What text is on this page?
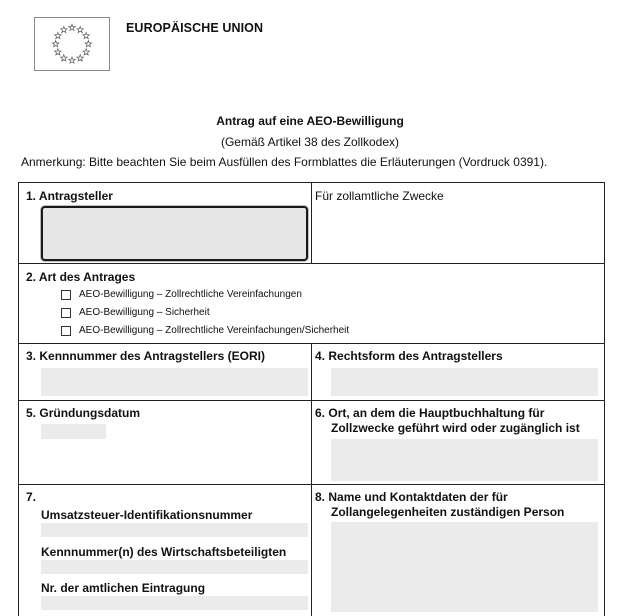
EUROPÄISCHE UNION
Antrag auf eine AEO-Bewilligung
(Gemäß Artikel 38 des Zollkodex)
Anmerkung: Bitte beachten Sie beim Ausfüllen des Formblattes die Erläuterungen (Vordruck 0391).
1. Antragsteller	Für zollamtliche Zwecke
2. Art des Antrages
AEO-Bewilligung – Zollrechtliche Vereinfachungen
AEO-Bewilligung – Sicherheit
AEO-Bewilligung – Zollrechtliche Vereinfachungen/Sicherheit
3. Kennnummer des Antragstellers (EORI)	4. Rechtsform des Antragstellers
5. Gründungsdatum	6. Ort, an dem die Hauptbuchhaltung für
Zollzwecke geführt wird oder zugänglich ist
7.
Umsatzsteuer-Identifikationsnummer
Kennnummer(n) des Wirtschaftsbeteiligten
Nr. der amtlichen Eintragung
8. Name und Kontaktdaten der für
Zollangelegenheiten zuständigen Person
